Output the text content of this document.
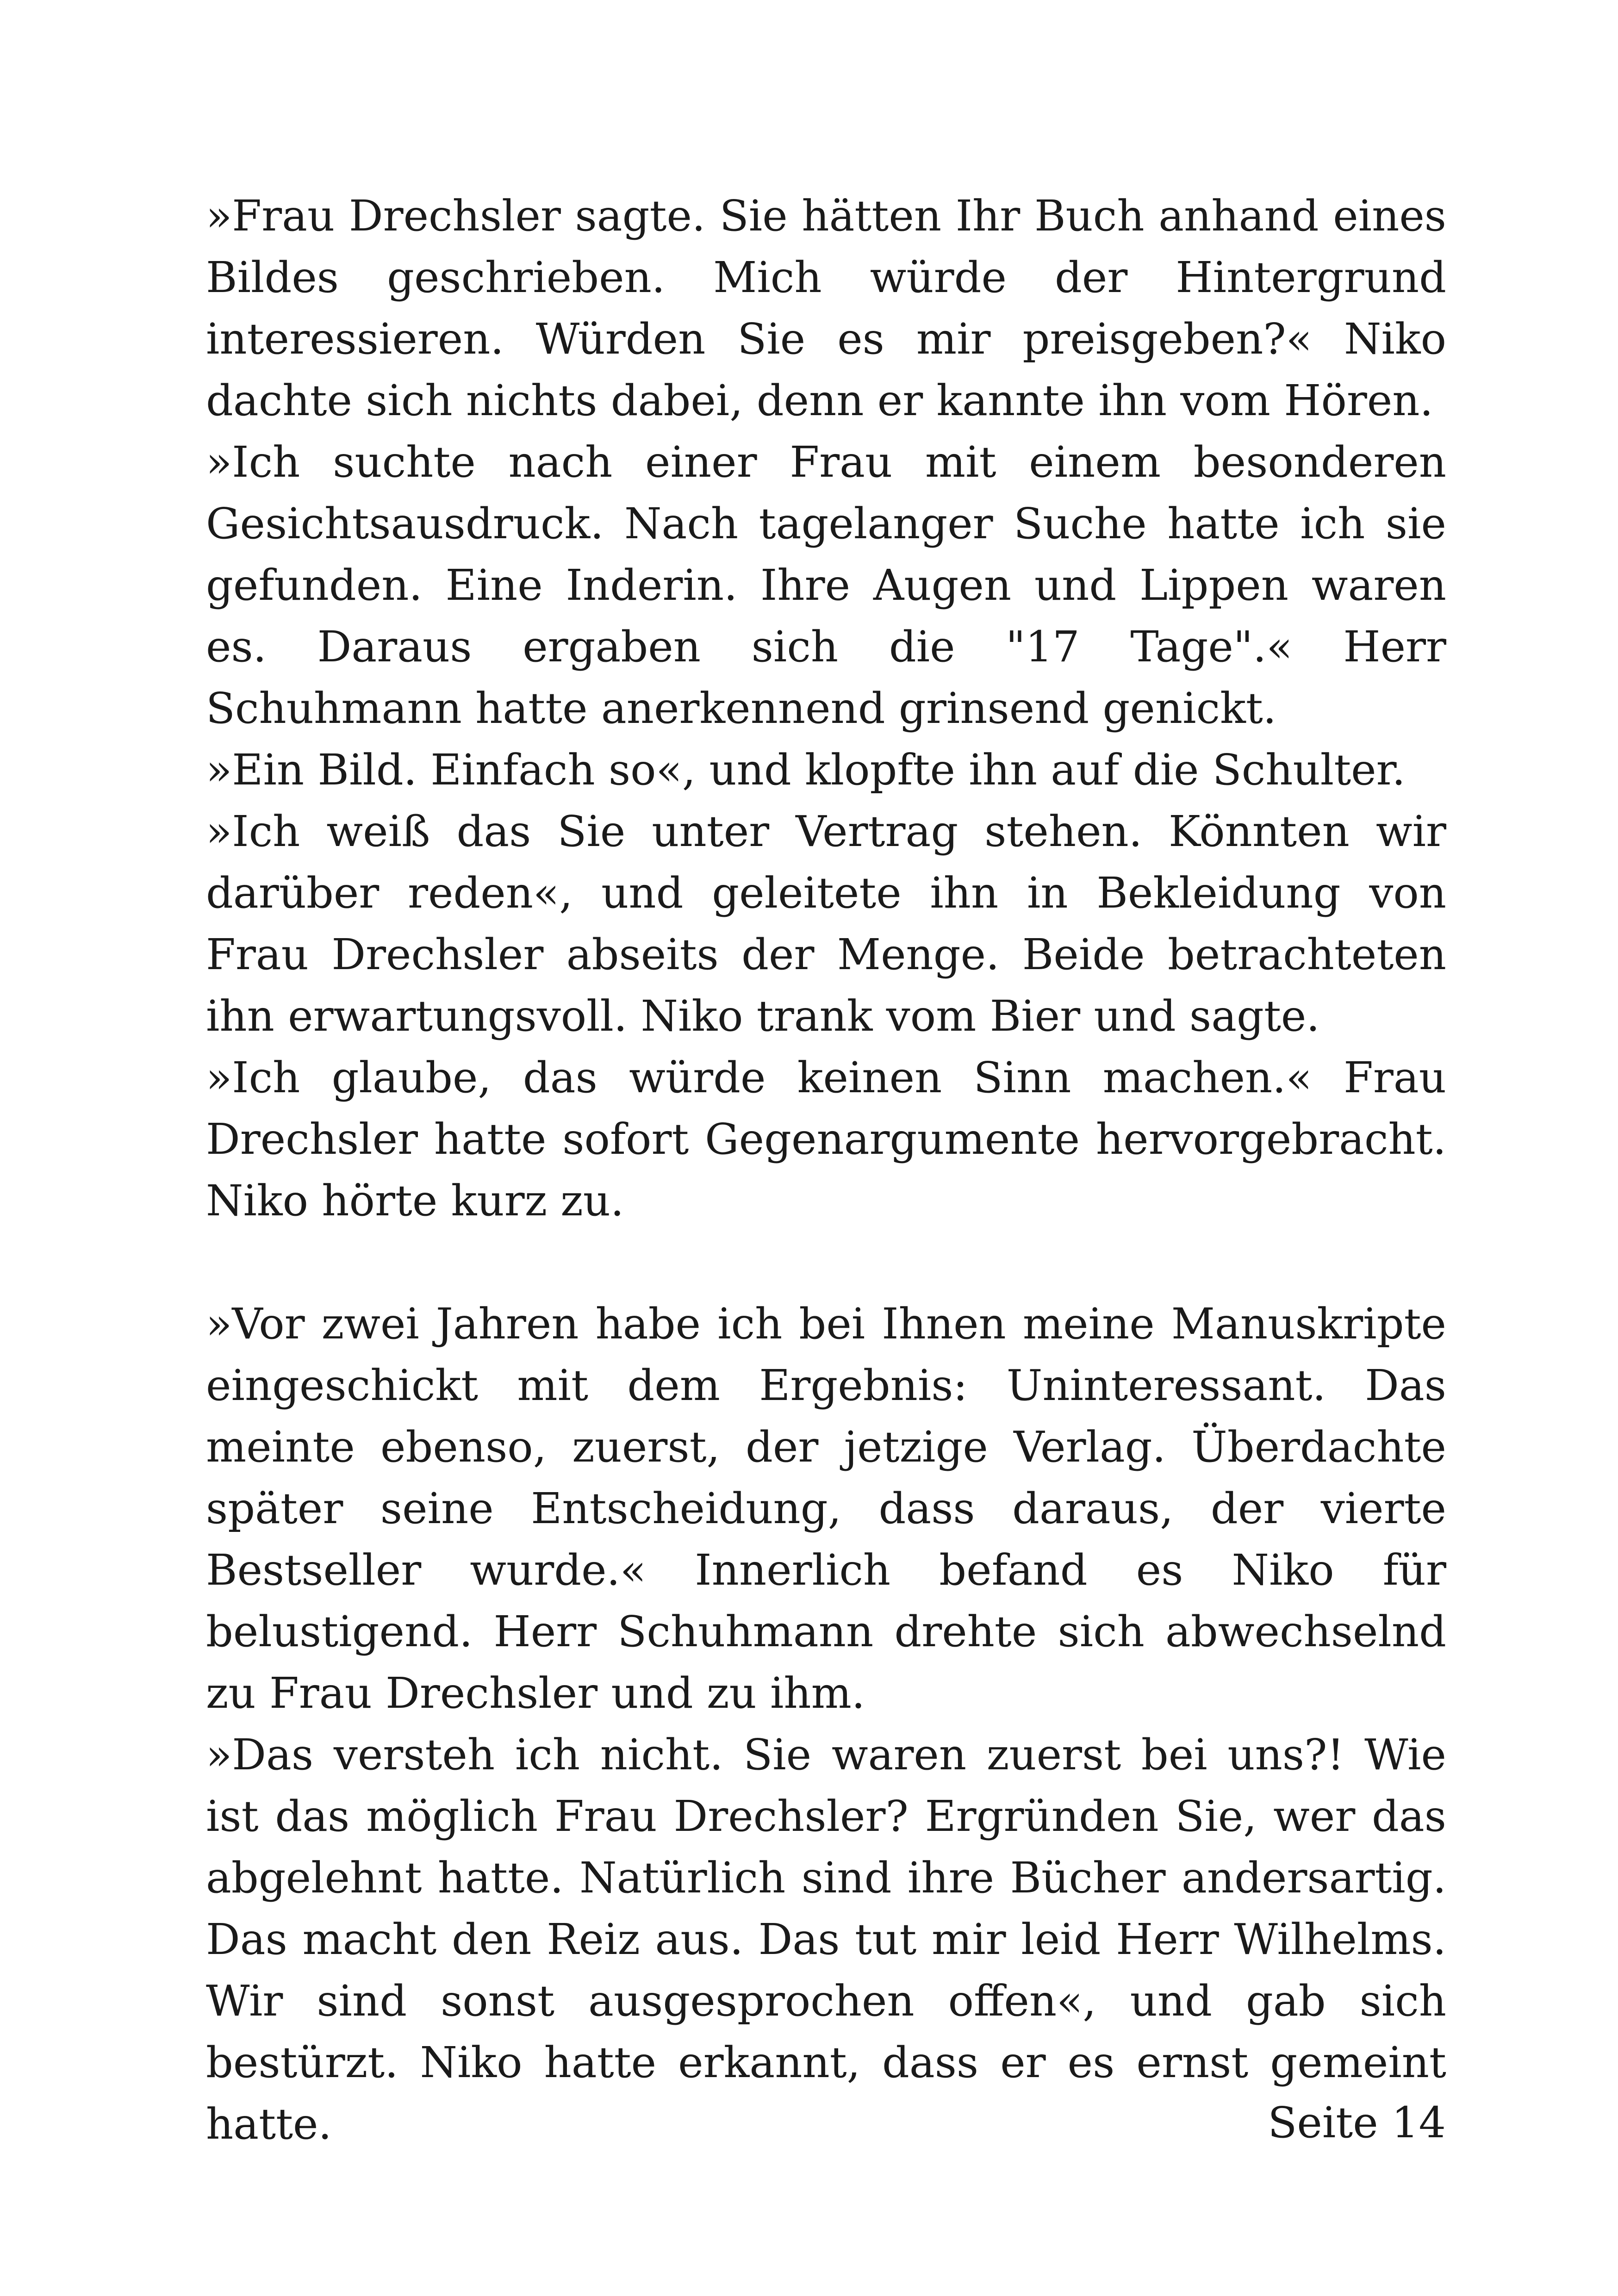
»Frau Drechsler sagte. Sie hätten Ihr Buch anhand eines Bildes geschrieben. Mich würde der Hintergrund interessieren. Würden Sie es mir preisgeben?« Niko dachte sich nichts dabei, denn er kannte ihn vom Hören.

»Ich suchte nach einer Frau mit einem besonderen Gesichtsausdruck. Nach tagelanger Suche hatte ich sie gefunden. Eine Inderin. Ihre Augen und Lippen waren es. Daraus ergaben sich die "17 Tage".« Herr Schuhmann hatte anerkennend grinsend genickt.

»Ein Bild. Einfach so«, und klopfte ihn auf die Schulter.

»Ich weiß das Sie unter Vertrag stehen. Könnten wir darüber reden«, und geleitete ihn in Bekleidung von Frau Drechsler abseits der Menge. Beide betrachteten ihn erwartungsvoll. Niko trank vom Bier und sagte.

»Ich glaube, das würde keinen Sinn machen.« Frau Drechsler hatte sofort Gegenargumente hervorgebracht. Niko hörte kurz zu.

»Vor zwei Jahren habe ich bei Ihnen meine Manuskripte eingeschickt mit dem Ergebnis: Uninteressant. Das meinte ebenso, zuerst, der jetzige Verlag. Überdachte später seine Entscheidung, dass daraus, der vierte Bestseller wurde.« Innerlich befand es Niko für belustigend. Herr Schuhmann drehte sich abwechselnd zu Frau Drechsler und zu ihm.

»Das versteh ich nicht. Sie waren zuerst bei uns?! Wie ist das möglich Frau Drechsler? Ergründen Sie, wer das abgelehnt hatte. Natürlich sind ihre Bücher andersartig. Das macht den Reiz aus. Das tut mir leid Herr Wilhelms. Wir sind sonst ausgesprochen offen«, und gab sich bestürzt. Niko hatte erkannt, dass er es ernst gemeint hatte.	Seite 14
